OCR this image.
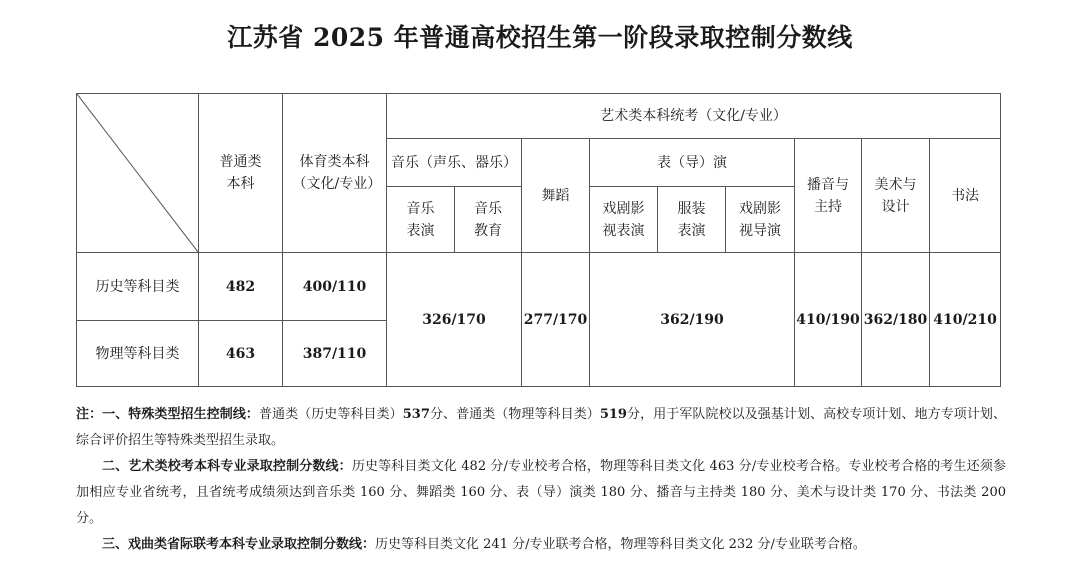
江苏省 2025 年普通高校招生第一阶段录取控制分数线

普通类本科	体育类本科（文化/专业）	艺术类本科统考（文化/专业）								
			音乐（声乐、器乐）		舞蹈	表（导）演			播音与主持	美术与设计	书法

			音乐表演	音乐教育		戏剧影视表演	服装表演	戏剧影视导演			

历史等科目类	482	400/110	326/170		277/170	362/190			410/190	362/180	410/210
物理等科目类	463	387/110									

注：一、特殊类型招生控制线：普通类（历史等科目类）537分、普通类（物理等科目类）519分，用于军队院校以及强基计划、高校专项计划、地方专项计划、综合评价招生等特殊类型招生录取。

二、艺术类校考本科专业录取控制分数线：历史等科目类文化 482 分/专业校考合格，物理等科目类文化 463 分/专业校考合格。专业校考合格的考生还须参加相应专业省统考，且省统考成绩须达到音乐类 160 分、舞蹈类 160 分、表（导）演类 180 分、播音与主持类 180 分、美术与设计类 170 分、书法类 200 分。

三、戏曲类省际联考本科专业录取控制分数线：历史等科目类文化 241 分/专业联考合格，物理等科目类文化 232 分/专业联考合格。
